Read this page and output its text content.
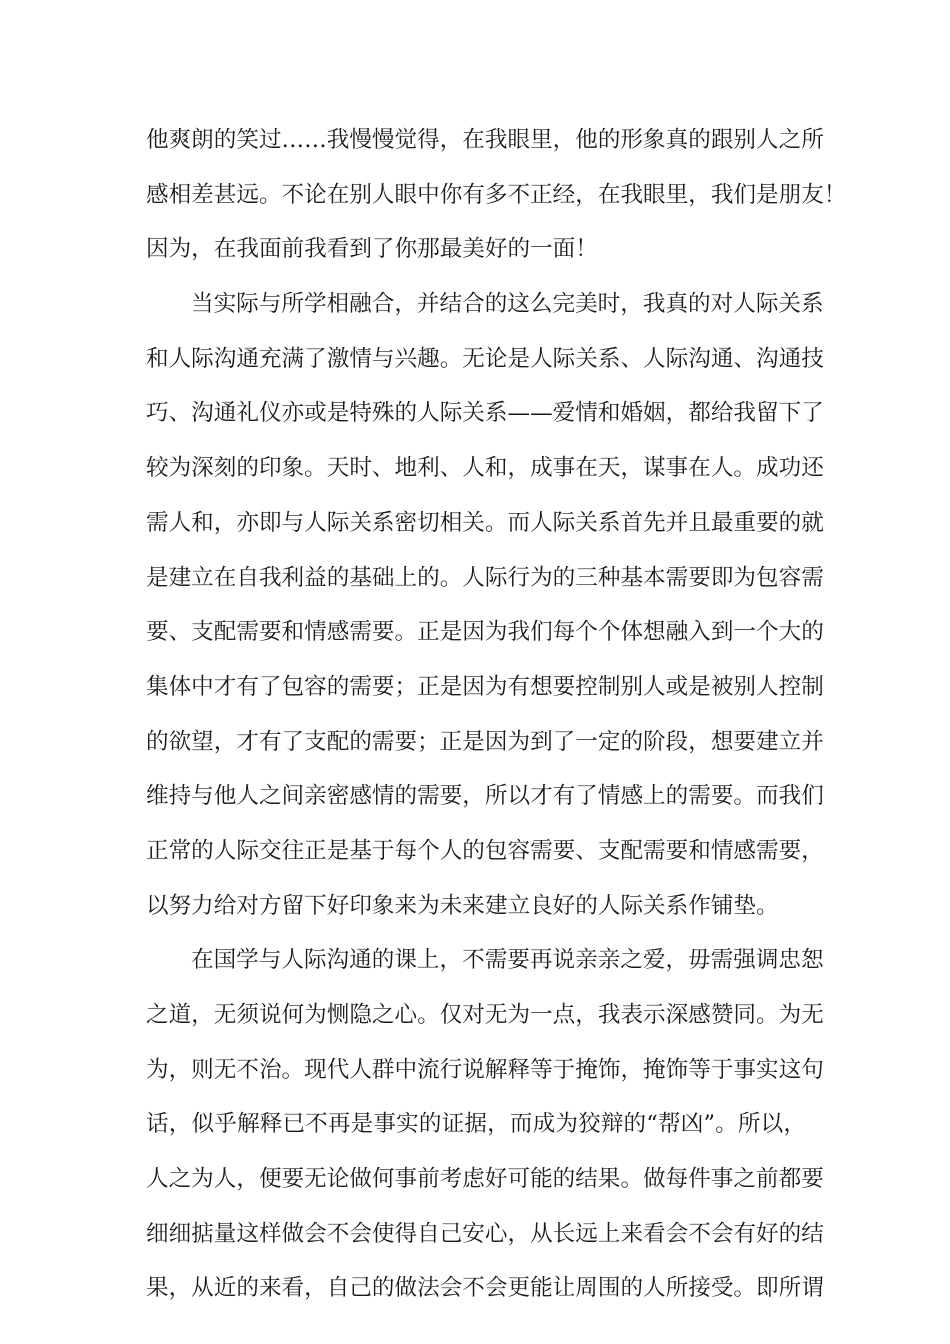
他爽朗的笑过……我慢慢觉得，在我眼里，他的形象真的跟别人之所
感相差甚远。不论在别人眼中你有多不正经，在我眼里，我们是朋友！
因为，在我面前我看到了你那最美好的一面！
当实际与所学相融合，并结合的这么完美时，我真的对人际关系
和人际沟通充满了激情与兴趣。无论是人际关系、人际沟通、沟通技
巧、沟通礼仪亦或是特殊的人际关系——爱情和婚姻，都给我留下了
较为深刻的印象。天时、地利、人和，成事在天，谋事在人。成功还
需人和，亦即与人际关系密切相关。而人际关系首先并且最重要的就
是建立在自我利益的基础上的。人际行为的三种基本需要即为包容需
要、支配需要和情感需要。正是因为我们每个个体想融入到一个大的
集体中才有了包容的需要；正是因为有想要控制别人或是被别人控制
的欲望，才有了支配的需要；正是因为到了一定的阶段，想要建立并
维持与他人之间亲密感情的需要，所以才有了情感上的需要。而我们
正常的人际交往正是基于每个人的包容需要、支配需要和情感需要，
以努力给对方留下好印象来为未来建立良好的人际关系作铺垫。
在国学与人际沟通的课上，不需要再说亲亲之爱，毋需强调忠恕
之道，无须说何为恻隐之心。仅对无为一点，我表示深感赞同。为无
为，则无不治。现代人群中流行说解释等于掩饰，掩饰等于事实这句
话，似乎解释已不再是事实的证据，而成为狡辩的“帮凶”。所以，
人之为人，便要无论做何事前考虑好可能的结果。做每件事之前都要
细细掂量这样做会不会使得自己安心，从长远上来看会不会有好的结
果，从近的来看，自己的做法会不会更能让周围的人所接受。即所谓
